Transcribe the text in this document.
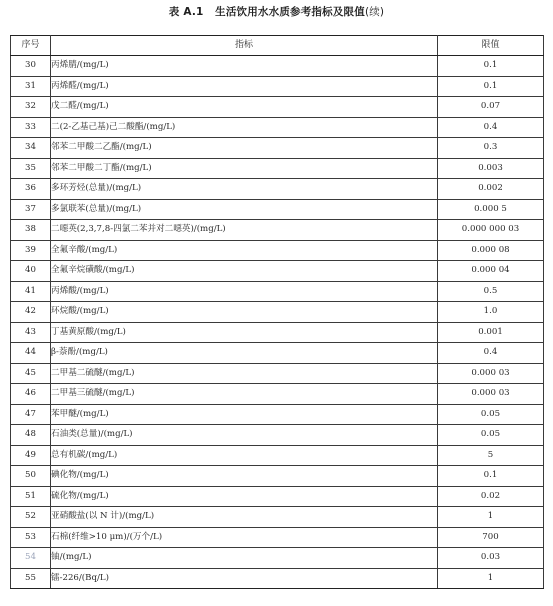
表 A.1 生活饮用水水质参考指标及限值(续)
序号	指标	限值
30	丙烯腈/(mg/L)	0.1
31	丙烯醛/(mg/L)	0.1
32	戊二醛/(mg/L)	0.07
33	二(2-乙基己基)己二酸酯/(mg/L)	0.4
34	邻苯二甲酸二乙酯/(mg/L)	0.3
35	邻苯二甲酸二丁酯/(mg/L)	0.003
36	多环芳烃(总量)/(mg/L)	0.002
37	多氯联苯(总量)/(mg/L)	0.000 5
38	二噁英(2,3,7,8-四氯二苯并对二噁英)/(mg/L)	0.000 000 03
39	全氟辛酸/(mg/L)	0.000 08
40	全氟辛烷磺酸/(mg/L)	0.000 04
41	丙烯酸/(mg/L)	0.5
42	环烷酸/(mg/L)	1.0
43	丁基黄原酸/(mg/L)	0.001
44	β-萘酚/(mg/L)	0.4
45	二甲基二硫醚/(mg/L)	0.000 03
46	二甲基三硫醚/(mg/L)	0.000 03
47	苯甲醚/(mg/L)	0.05
48	石油类(总量)/(mg/L)	0.05
49	总有机碳/(mg/L)	5
50	碘化物/(mg/L)	0.1
51	硫化物/(mg/L)	0.02
52	亚硝酸盐(以 N 计)/(mg/L)	1
53	石棉(纤维>10 μm)/(万个/L)	700
54	铀/(mg/L)	0.03
55	镭-226/(Bq/L)	1
